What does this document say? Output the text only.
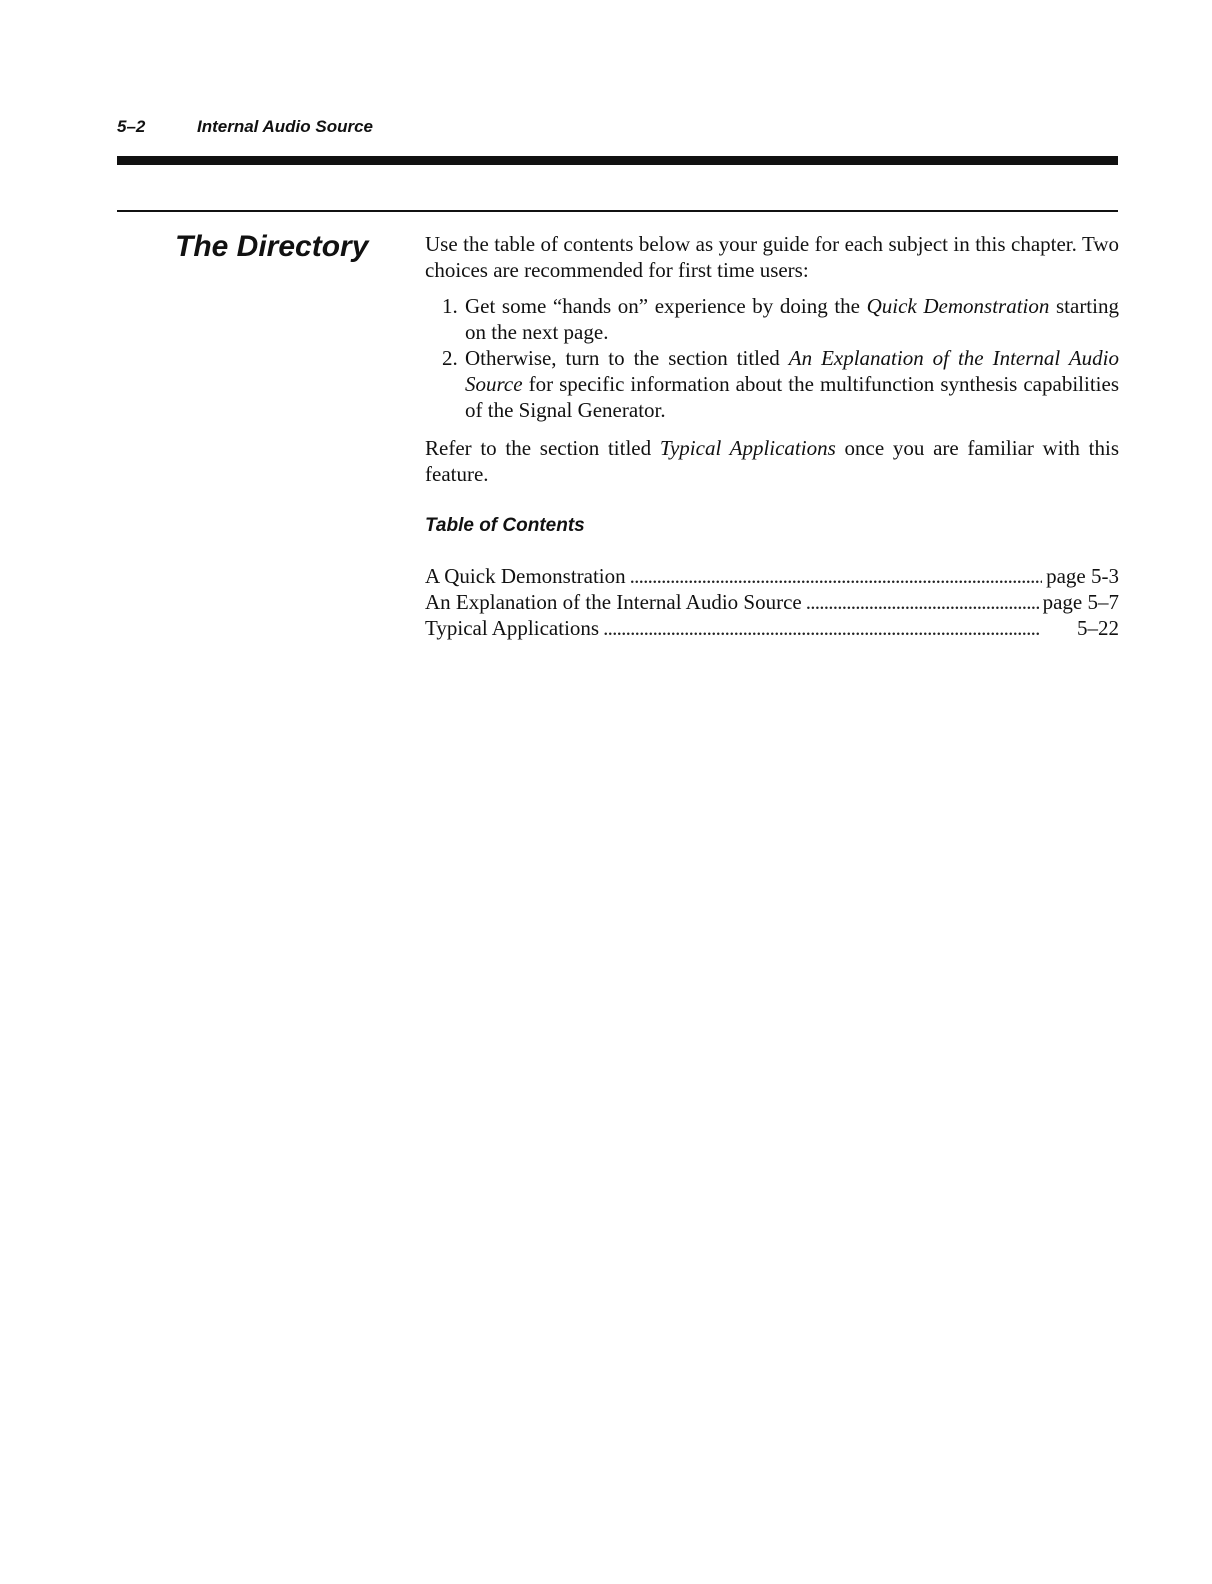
5–2	Internal Audio Source
The Directory	Use the table of contents below as your guide for each subject in this chapter. Two choices are recommended for first time users:

1. Get some “hands on” experience by doing the Quick Demonstration starting on the next page.
2. Otherwise, turn to the section titled An Explanation of the Internal Audio Source for specific information about the multifunction synthesis capabilities of the Signal Generator.

Refer to the section titled Typical Applications once you are familiar with this feature.

Table of Contents
A Quick Demonstration . . .	page 5-3
An Explanation of the Internal Audio Source . . .	page 5–7
Typical Applications . . .	5–22
